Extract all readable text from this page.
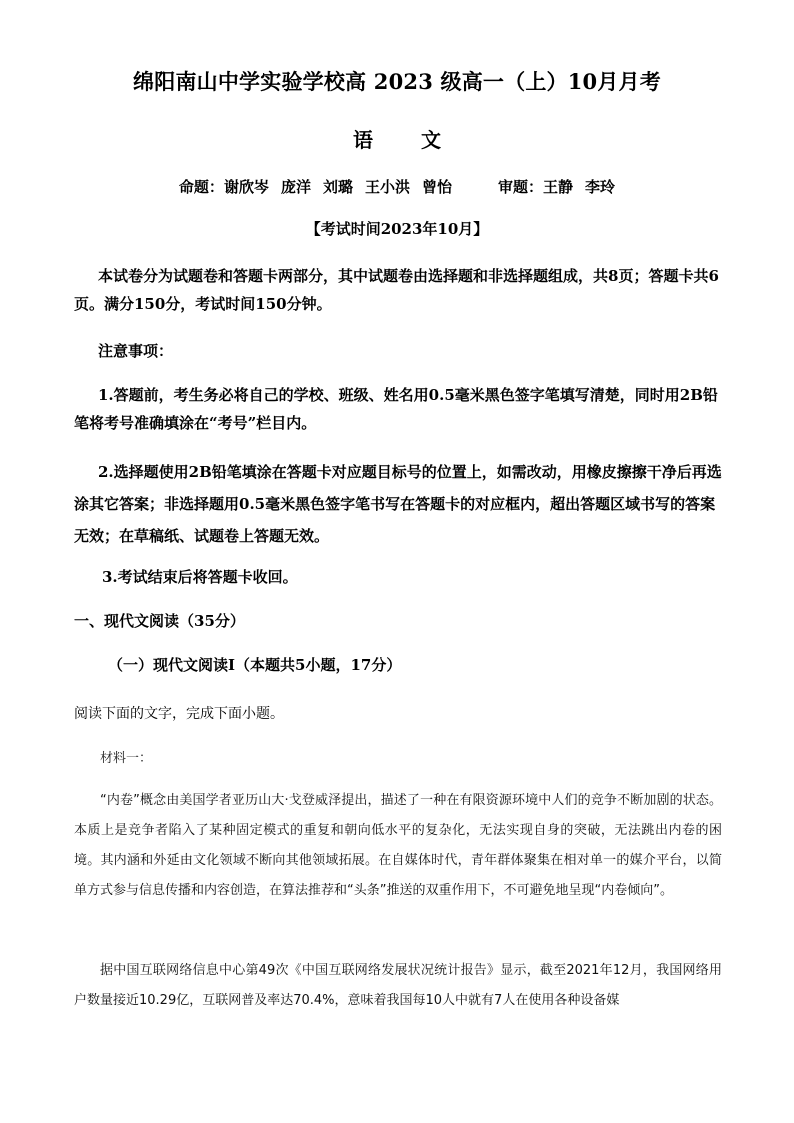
绵阳南山中学实验学校高 2023 级高一（上）10月月考
语 文
命题：谢欣岑 庞洋 刘璐 王小洪 曾怡	审题：王静 李玲
【考试时间2023年10月】
本试卷分为试题卷和答题卡两部分，其中试题卷由选择题和非选择题组成，共8页；答题卡共6页。满分150分，考试时间150分钟。
注意事项：
1.答题前，考生务必将自己的学校、班级、姓名用0.5毫米黑色签字笔填写清楚，同时用2B铅笔将考号准确填涂在“考号”栏目内。
2.选择题使用2B铅笔填涂在答题卡对应题目标号的位置上，如需改动，用橡皮擦擦干净后再选涂其它答案；非选择题用0.5毫米黑色签字笔书写在答题卡的对应框内，超出答题区域书写的答案无效；在草稿纸、试题卷上答题无效。
3.考试结束后将答题卡收回。
一、现代文阅读（35分）
（一）现代文阅读Ⅰ（本题共5小题，17分）
阅读下面的文字，完成下面小题。
材料一：
“内卷”概念由美国学者亚历山大·戈登威泽提出，描述了一种在有限资源环境中人们的竞争不断加剧的状态。本质上是竞争者陷入了某种固定模式的重复和朝向低水平的复杂化，无法实现自身的突破，无法跳出内卷的困境。其内涵和外延由文化领域不断向其他领域拓展。在自媒体时代，青年群体聚集在相对单一的媒介平台，以简单方式参与信息传播和内容创造，在算法推荐和“头条”推送的双重作用下，不可避免地呈现“内卷倾向”。
据中国互联网络信息中心第49次《中国互联网络发展状况统计报告》显示，截至2021年12月，我国网络用户数量接近10.29亿，互联网普及率达70.4%，意味着我国每10人中就有7人在使用各种设备媒
